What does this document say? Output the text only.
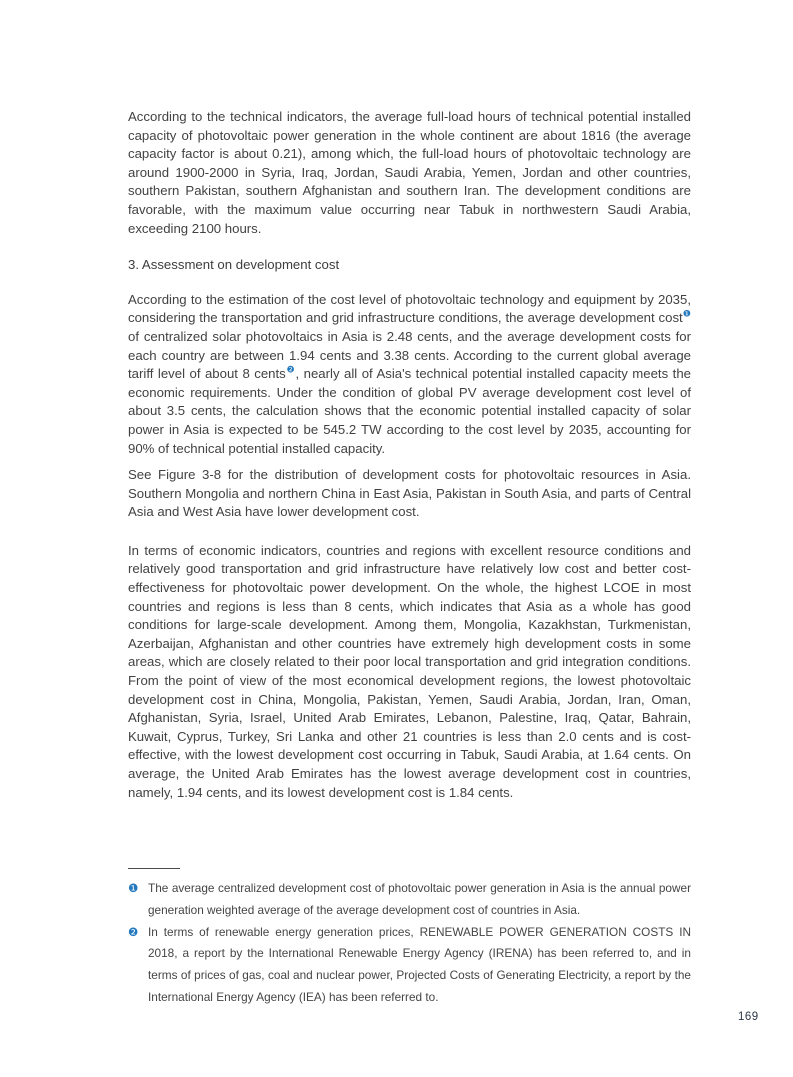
According to the technical indicators, the average full-load hours of technical potential installed capacity of photovoltaic power generation in the whole continent are about 1816 (the average capacity factor is about 0.21), among which, the full-load hours of photovoltaic technology are around 1900-2000 in Syria, Iraq, Jordan, Saudi Arabia, Yemen, Jordan and other countries, southern Pakistan, southern Afghanistan and southern Iran. The development conditions are favorable, with the maximum value occurring near Tabuk in northwestern Saudi Arabia, exceeding 2100 hours.

3. Assessment on development cost

According to the estimation of the cost level of photovoltaic technology and equipment by 2035, considering the transportation and grid infrastructure conditions, the average development cost$^❶$ of centralized solar photovoltaics in Asia is 2.48 cents, and the average development costs for each country are between 1.94 cents and 3.38 cents. According to the current global average tariff level of about 8 cents$^❷$, nearly all of Asia's technical potential installed capacity meets the economic requirements. Under the condition of global PV average development cost level of about 3.5 cents, the calculation shows that the economic potential installed capacity of solar power in Asia is expected to be 545.2 TW according to the cost level by 2035, accounting for 90% of technical potential installed capacity.

See Figure 3-8 for the distribution of development costs for photovoltaic resources in Asia. Southern Mongolia and northern China in East Asia, Pakistan in South Asia, and parts of Central Asia and West Asia have lower development cost.

In terms of economic indicators, countries and regions with excellent resource conditions and relatively good transportation and grid infrastructure have relatively low cost and better cost-effectiveness for photovoltaic power development. On the whole, the highest LCOE in most countries and regions is less than 8 cents, which indicates that Asia as a whole has good conditions for large-scale development. Among them, Mongolia, Kazakhstan, Turkmenistan, Azerbaijan, Afghanistan and other countries have extremely high development costs in some areas, which are closely related to their poor local transportation and grid integration conditions. From the point of view of the most economical development regions, the lowest photovoltaic development cost in China, Mongolia, Pakistan, Yemen, Saudi Arabia, Jordan, Iran, Oman, Afghanistan, Syria, Israel, United Arab Emirates, Lebanon, Palestine, Iraq, Qatar, Bahrain, Kuwait, Cyprus, Turkey, Sri Lanka and other 21 countries is less than 2.0 cents and is cost-effective, with the lowest development cost occurring in Tabuk, Saudi Arabia, at 1.64 cents. On average, the United Arab Emirates has the lowest average development cost in countries, namely, 1.94 cents, and its lowest development cost is 1.84 cents.

❶ The average centralized development cost of photovoltaic power generation in Asia is the annual power generation weighted average of the average development cost of countries in Asia.
❷ In terms of renewable energy generation prices, RENEWABLE POWER GENERATION COSTS IN 2018, a report by the International Renewable Energy Agency (IRENA) has been referred to, and in terms of prices of gas, coal and nuclear power, Projected Costs of Generating Electricity, a report by the International Energy Agency (IEA) has been referred to.
169
